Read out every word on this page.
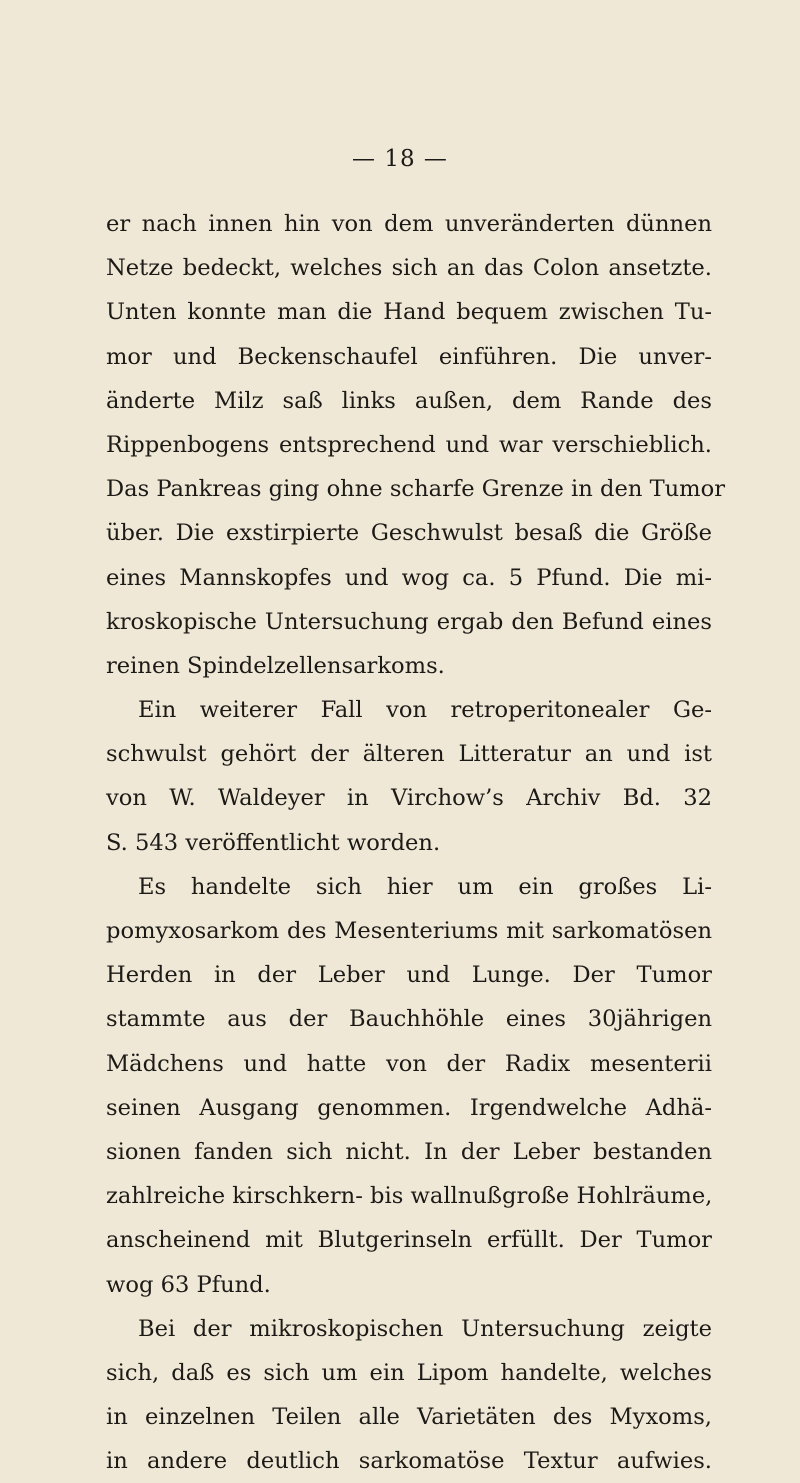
— 18 —
er nach innen hin von dem unveränderten dünnen
Netze bedeckt, welches sich an das Colon ansetzte.
Unten konnte man die Hand bequem zwischen Tu-
mor und Beckenschaufel einführen. Die unver-
änderte Milz saß links außen, dem Rande des
Rippenbogens entsprechend und war verschieblich.
Das Pankreas ging ohne scharfe Grenze in den Tumor
über. Die exstirpierte Geschwulst besaß die Größe
eines Mannskopfes und wog ca. 5 Pfund. Die mi-
kroskopische Untersuchung ergab den Befund eines
reinen Spindelzellensarkoms.
Ein weiterer Fall von retroperitonealer Ge-
schwulst gehört der älteren Litteratur an und ist
von W. Waldeyer in Virchow’s Archiv Bd. 32
S. 543 veröffentlicht worden.
Es handelte sich hier um ein großes Li-
pomyxosarkom des Mesenteriums mit sarkomatösen
Herden in der Leber und Lunge. Der Tumor
stammte aus der Bauchhöhle eines 30jährigen
Mädchens und hatte von der Radix mesenterii
seinen Ausgang genommen. Irgendwelche Adhä-
sionen fanden sich nicht. In der Leber bestanden
zahlreiche kirschkern- bis wallnußgroße Hohlräume,
anscheinend mit Blutgerinseln erfüllt. Der Tumor
wog 63 Pfund.
Bei der mikroskopischen Untersuchung zeigte
sich, daß es sich um ein Lipom handelte, welches
in einzelnen Teilen alle Varietäten des Myxoms,
in andere deutlich sarkomatöse Textur aufwies.
